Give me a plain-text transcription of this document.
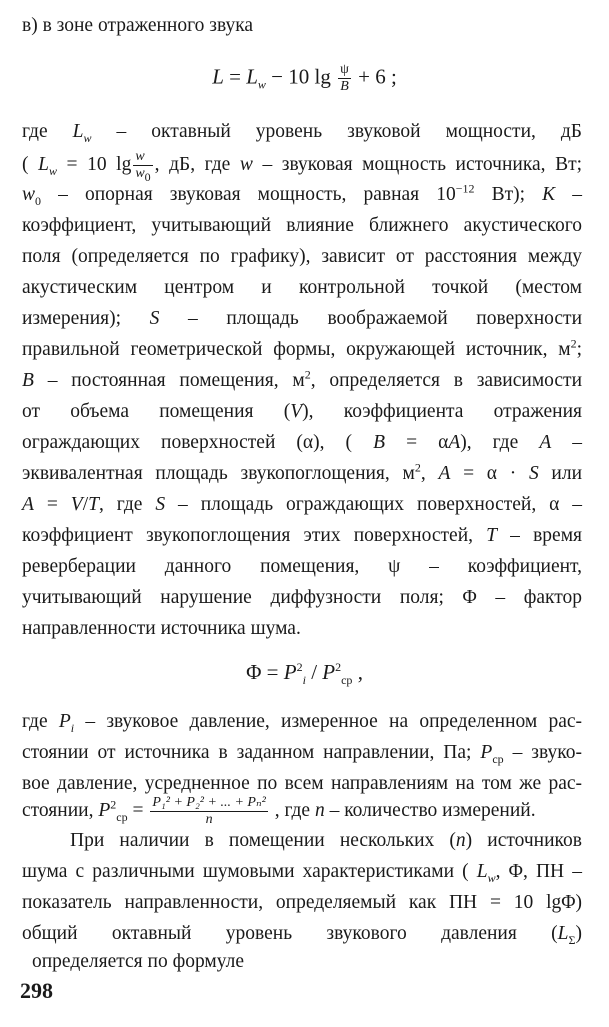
в) в зоне отраженного звука
$L = L_w - 10$ $\lg \frac{\psi}{B} + 6$ ;
где $L_w$ – октавный уровень звуковой мощности, дБ
( $L_w = 10$ $\lg \frac{w}{w_0}$ , дБ, где w – звуковая мощность источника, Вт;
$w_0$ – опорная звуковая мощность, равная $10^{-12}$ Вт); K –
коэффициент, учитывающий влияние ближнего акустического
поля (определяется по графику), зависит от расстояния между
акустическим центром и контрольной точкой (местом
измерения); S – площадь воображаемой поверхности
правильной геометрической формы, окружающей источник, $м^2$;
B – постоянная помещения, $м^2$, определяется в зависимости
от объема помещения (V), коэффициента отражения
ограждающих поверхностей (α), ( B = αA), где A –
эквивалентная площадь звукопоглощения, $м^2$, A = α · S или
A = V/T, где S – площадь ограждающих поверхностей, α –
коэффициент звукопоглощения этих поверхностей, T – время
реверберации данного помещения, ψ – коэффициент,
учитывающий нарушение диффузности поля; Φ – фактор
направленности источника шума.
$\Phi = P^2_i / P^2_{ср}$ ,
где $P_i$ – звуковое давление, измеренное на определенном рас-
стоянии от источника в заданном направлении, Па; $P_{ср}$ – звуко-
вое давление, усредненное по всем направлениям на том же рас-
стоянии, $P^2_{ср} = \frac{\text{P₁² + P₂² + ... + Pₙ²}}{n}$ , где n – количество измерений.
При наличии в помещении нескольких (n) источников
шума с различными шумовыми характеристиками ( $L_w$, Φ, ПН –
показатель направленности, определяемый как ПН = 10 lgΦ)
общий октавный уровень звукового давления $(L_\Sigma)$
определяется по формуле
298
